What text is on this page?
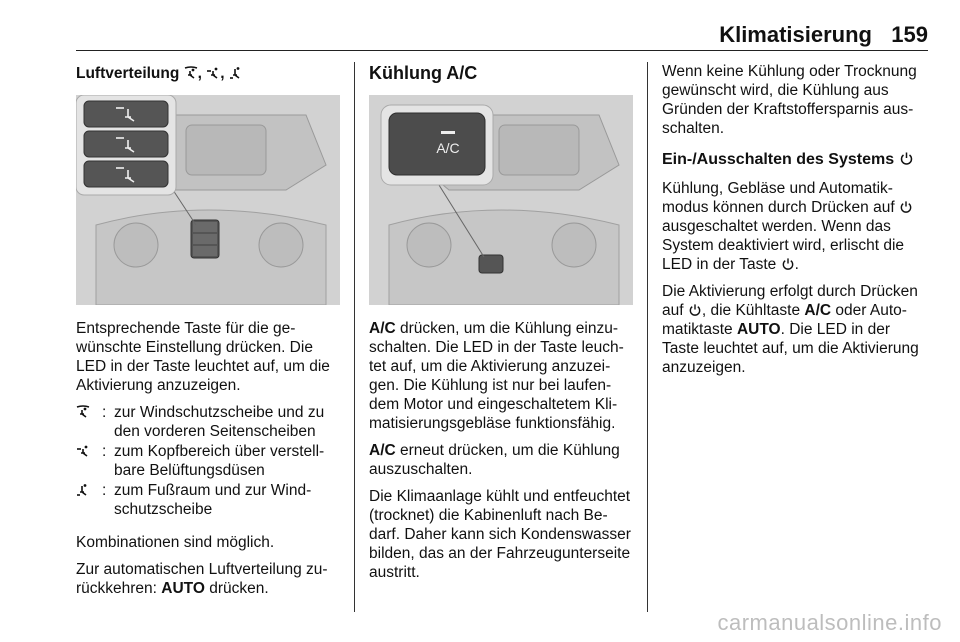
Klimatisierung 159
Luftverteilung , ,

Entsprechende Taste für die gewünschte Einstellung drücken. Die LED in der Taste leuchtet auf, um die Aktivierung anzuzeigen.

: zur Windschutzscheibe und zu den vorderen Seitenscheiben
: zum Kopfbereich über verstellbare Belüftungsdüsen
: zum Fußraum und zur Windschutzscheibe

Kombinationen sind möglich.

Zur automatischen Luftverteilung zurückkehren: AUTO drücken.

Kühlung A/C
A/C

A/C drücken, um die Kühlung einzuschalten. Die LED in der Taste leuchtet auf, um die Aktivierung anzuzeigen. Die Kühlung ist nur bei laufendem Motor und eingeschaltetem Klimatisierungsgebläse funktionsfähig.

A/C erneut drücken, um die Kühlung auszuschalten.

Die Klimaanlage kühlt und entfeuchtet (trocknet) die Kabinenluft nach Bedarf. Daher kann sich Kondenswasser bilden, das an der Fahrzeugunterseite austritt.

Wenn keine Kühlung oder Trocknung gewünscht wird, die Kühlung aus Gründen der Kraftstoffersparnis ausschalten.

Ein-/Ausschalten des Systems

Kühlung, Gebläse und Automatikmodus können durch Drücken auf  ausgeschaltet werden. Wenn das System deaktiviert wird, erlischt die LED in der Taste .

Die Aktivierung erfolgt durch Drücken auf , die Kühltaste A/C oder Automatiktaste AUTO. Die LED in der Taste leuchtet auf, um die Aktivierung anzuzeigen.

carmanualsonline.info
